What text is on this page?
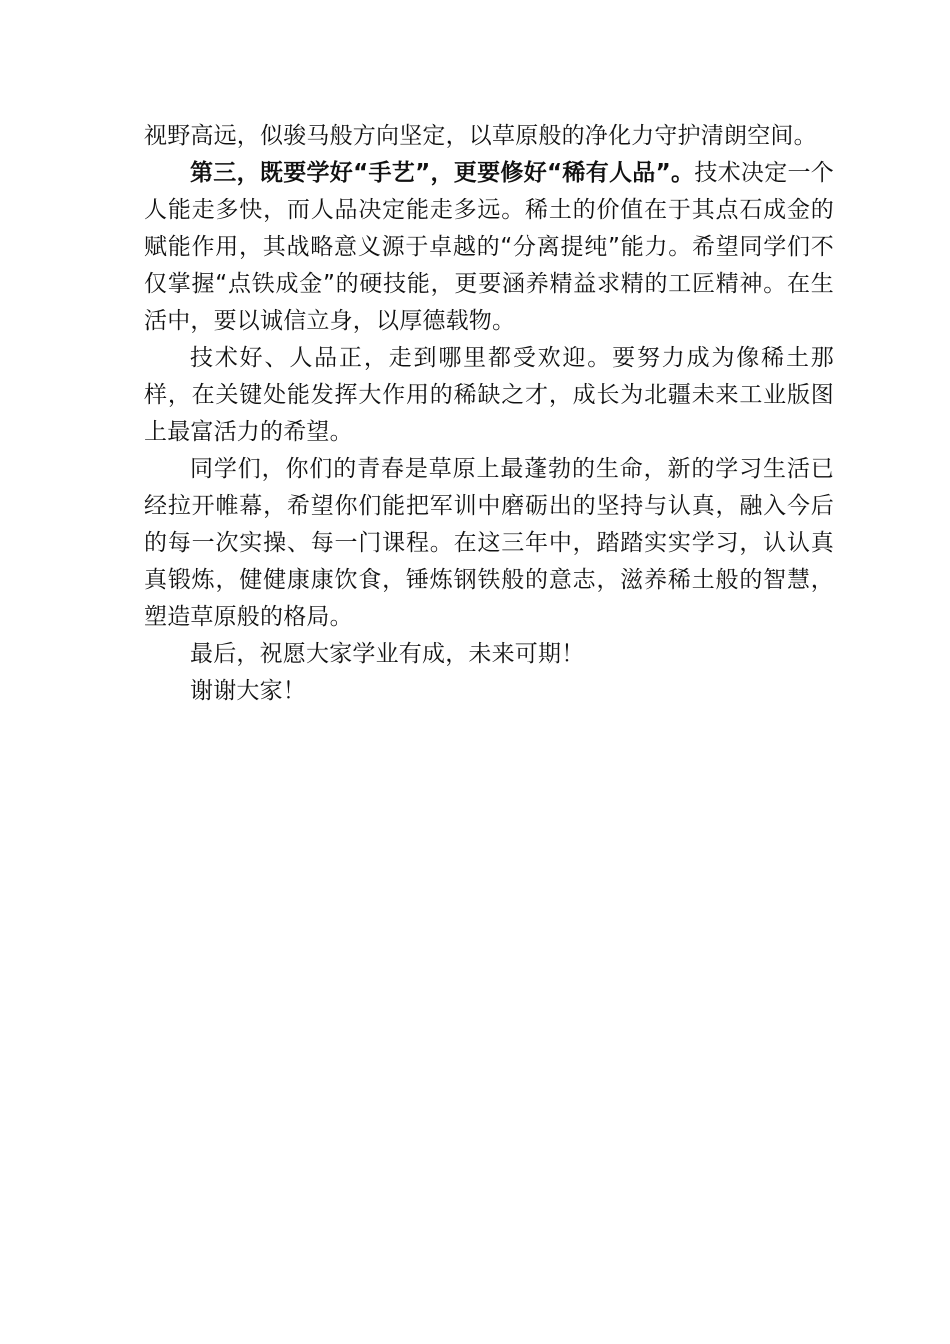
视野高远，似骏马般方向坚定，以草原般的净化力守护清朗空间。

第三，既要学好“手艺”，更要修好“稀有人品”。技术决定一个人能走多快，而人品决定能走多远。稀土的价值在于其点石成金的赋能作用，其战略意义源于卓越的“分离提纯”能力。希望同学们不仅掌握“点铁成金”的硬技能，更要涵养精益求精的工匠精神。在生活中，要以诚信立身，以厚德载物。

技术好、人品正，走到哪里都受欢迎。要努力成为像稀土那样，在关键处能发挥大作用的稀缺之才，成长为北疆未来工业版图上最富活力的希望。

同学们，你们的青春是草原上最蓬勃的生命，新的学习生活已经拉开帷幕，希望你们能把军训中磨砺出的坚持与认真，融入今后的每一次实操、每一门课程。在这三年中，踏踏实实学习，认认真真锻炼，健健康康饮食，锤炼钢铁般的意志，滋养稀土般的智慧，塑造草原般的格局。

最后，祝愿大家学业有成，未来可期！

谢谢大家！
